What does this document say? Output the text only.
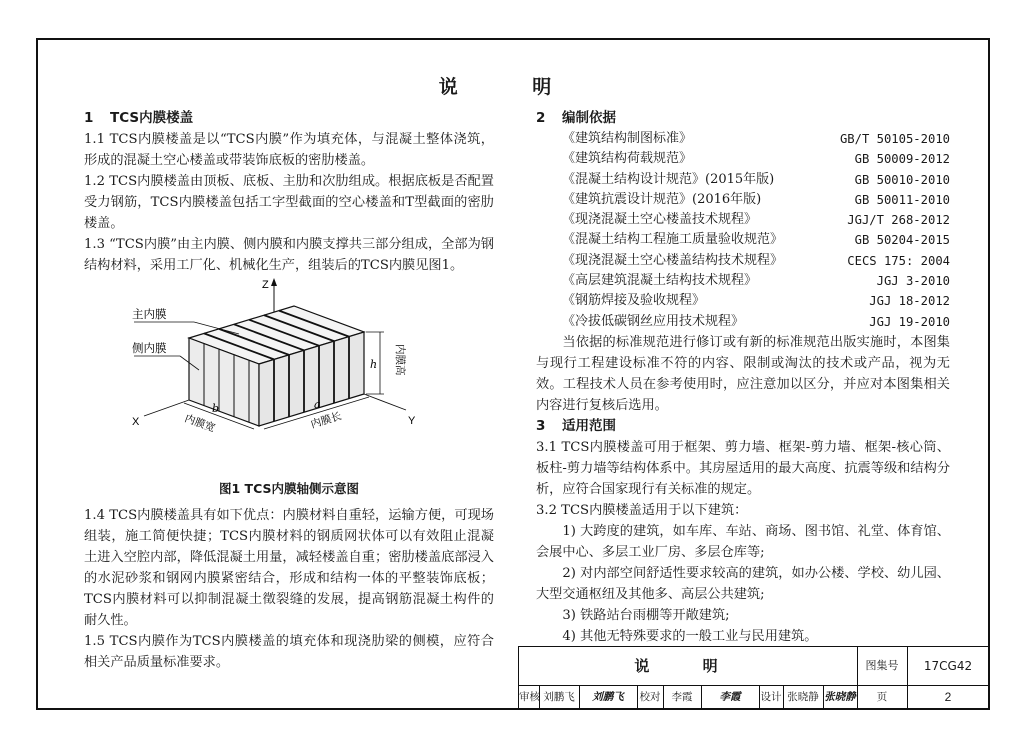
说 明
1 TCS内膜楼盖
1.1 TCS内膜楼盖是以“TCS内膜”作为填充体，与混凝土整体浇筑，形成的混凝土空心楼盖或带装饰底板的密肋楼盖。
1.2 TCS内膜楼盖由顶板、底板、主肋和次肋组成。根据底板是否配置受力钢筋，TCS内膜楼盖包括工字型截面的空心楼盖和T型截面的密肋楼盖。
1.3 “TCS内膜”由主内膜、侧内膜和内膜支撑共三部分组成，全部为钢结构材料，采用工厂化、机械化生产，组装后的TCS内膜见图1。
Z
主内膜
侧内膜
h 内膜高
X	Y
b
内膜宽
a
内膜长
图1 TCS内膜轴侧示意图
1.4 TCS内膜楼盖具有如下优点：内膜材料自重轻，运输方便，可现场组装，施工简便快捷；TCS内膜材料的钢质网状体可以有效阻止混凝土进入空腔内部，降低混凝土用量，减轻楼盖自重；密肋楼盖底部浸入的水泥砂浆和钢网内膜紧密结合，形成和结构一体的平整装饰底板；TCS内膜材料可以抑制混凝土徵裂缝的发展，提高钢筋混凝土构件的耐久性。
1.5 TCS内膜作为TCS内膜楼盖的填充体和现浇肋梁的侧模，应符合相关产品质量标准要求。
2 编制依据
《建筑结构制图标准》	GB/T 50105-2010
《建筑结构荷载规范》	GB 50009-2012
《混凝土结构设计规范》(2015年版)	GB 50010-2010
《建筑抗震设计规范》(2016年版)	GB 50011-2010
《现浇混凝土空心楼盖技术规程》	JGJ/T 268-2012
《混凝土结构工程施工质量验收规范》	GB 50204-2015
《现浇混凝土空心楼盖结构技术规程》	CECS 175: 2004
《高层建筑混凝土结构技术规程》	JGJ 3-2010
《钢筋焊接及验收规程》	JGJ 18-2012
《冷拔低碳钢丝应用技术规程》	JGJ 19-2010
当依据的标准规范进行修订或有新的标准规范出版实施时，本图集与现行工程建设标准不符的内容、限制或淘汰的技术或产品，视为无效。工程技术人员在参考使用时，应注意加以区分，并应对本图集相关内容进行复核后选用。
3 适用范围
3.1 TCS内膜楼盖可用于框架、剪力墙、框架-剪力墙、框架-核心筒、板柱-剪力墙等结构体系中。其房屋适用的最大高度、抗震等级和结构分析，应符合国家现行有关标准的规定。
3.2 TCS内膜楼盖适用于以下建筑：
1) 大跨度的建筑，如车库、车站、商场、图书馆、礼堂、体育馆、会展中心、多层工业厂房、多层仓库等;
2) 对内部空间舒适性要求较高的建筑，如办公楼、学校、幼儿园、大型交通枢纽及其他多、高层公共建筑;
3) 铁路站台雨棚等开敞建筑;
4) 其他无特殊要求的一般工业与民用建筑。
说 明	图集号	17CG42
审核 刘鹏飞	刘鹏飞	校对	李霞	李霞	设计 张晓静 张晓静	页	2
